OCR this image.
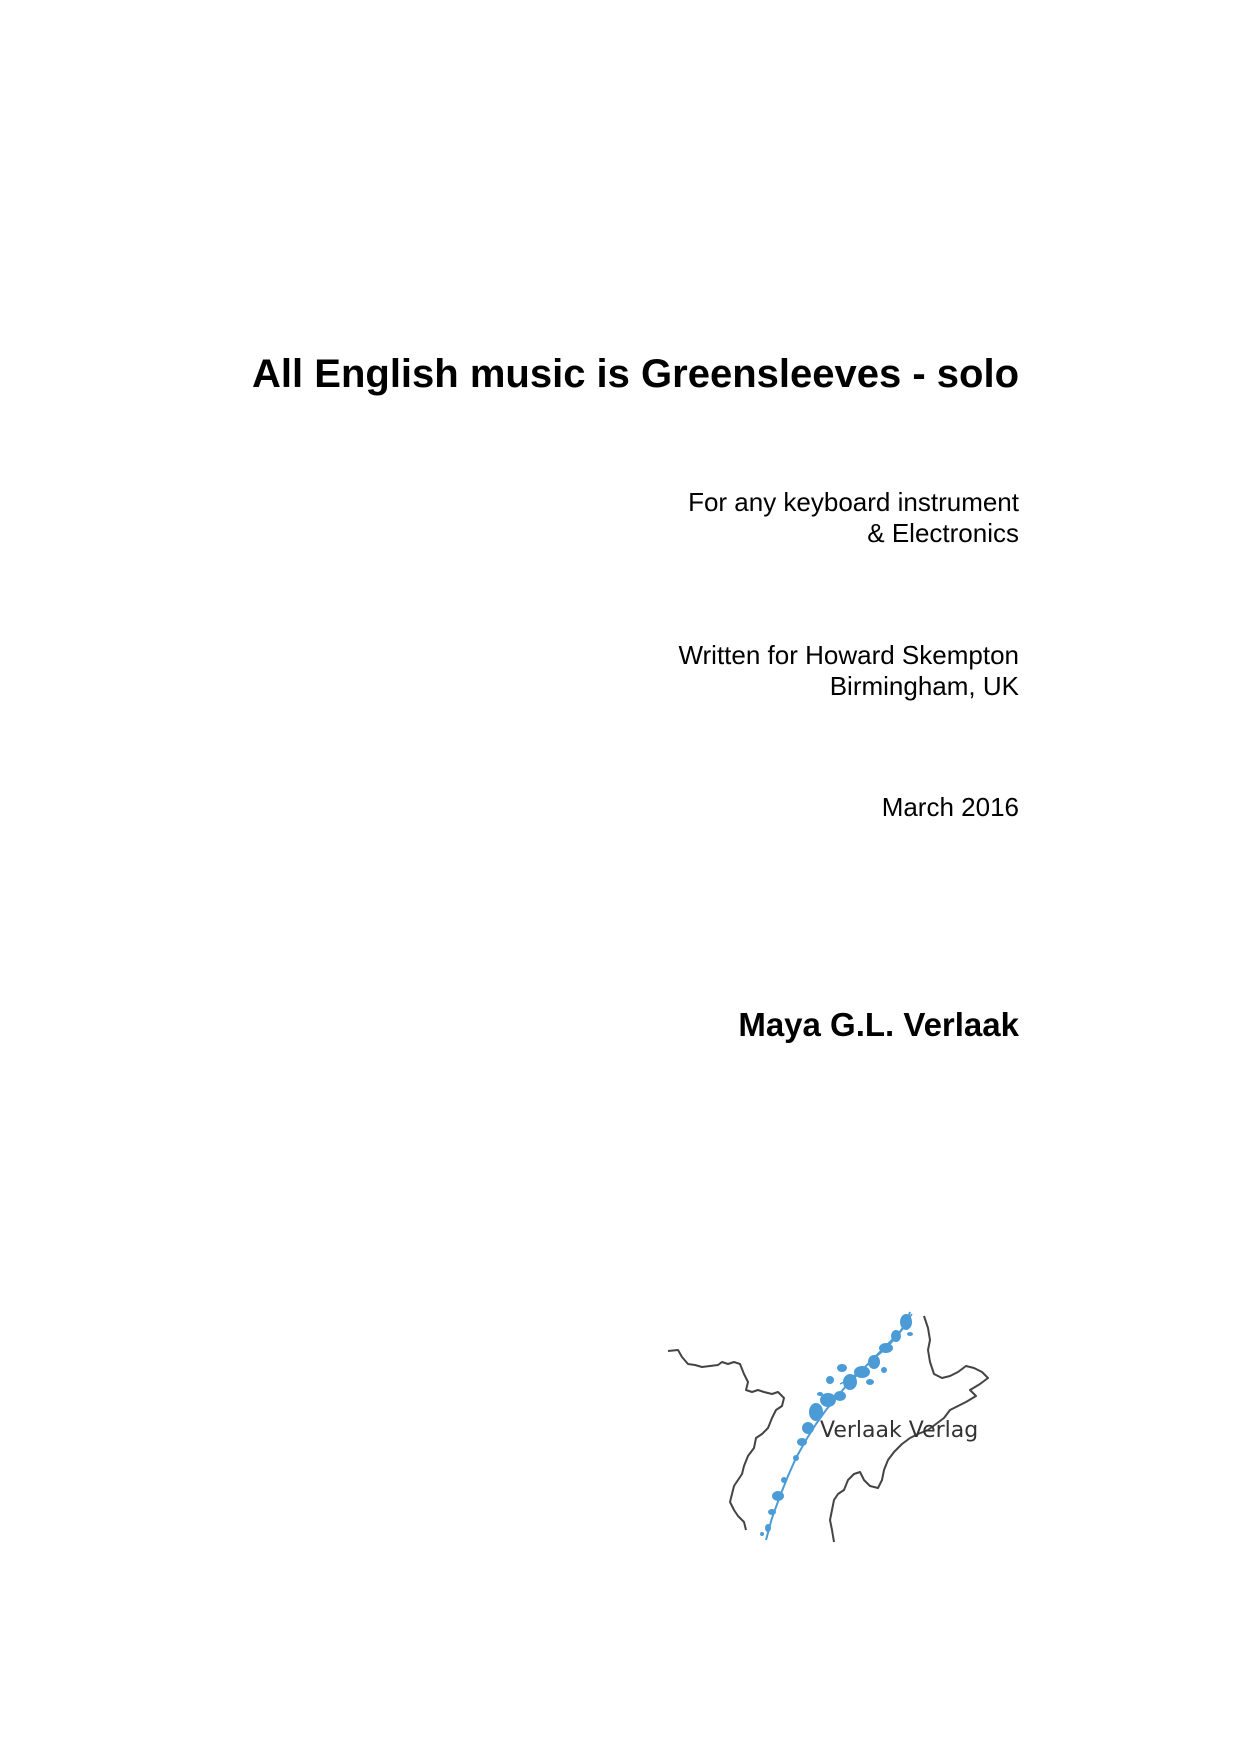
All English music is Greensleeves - solo
For any keyboard instrument
& Electronics
Written for Howard Skempton
Birmingham, UK
March 2016
Maya G.L. Verlaak
Verlaak Verlag
